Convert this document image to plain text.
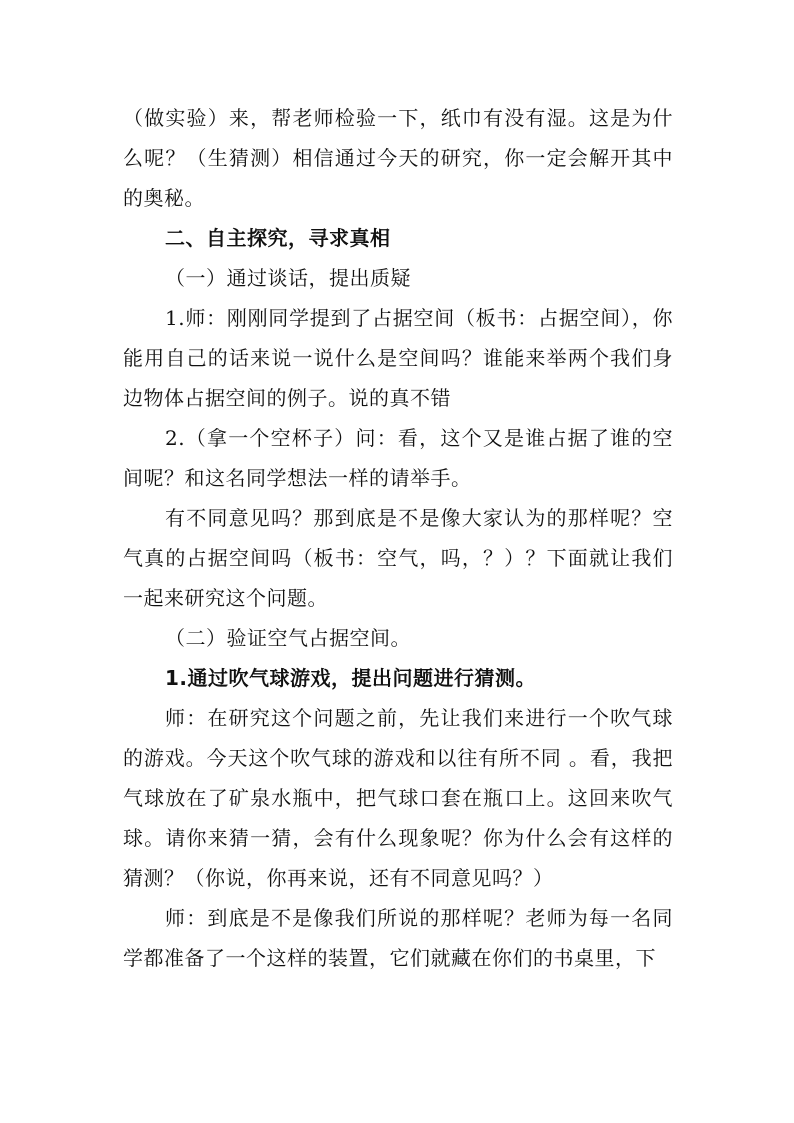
（做实验）来，帮老师检验一下，纸巾有没有湿。这是为什么呢？（生猜测）相信通过今天的研究，你一定会解开其中的奥秘。

二、自主探究，寻求真相

（一）通过谈话，提出质疑

1.师：刚刚同学提到了占据空间（板书：占据空间），你能用自己的话来说一说什么是空间吗？谁能来举两个我们身边物体占据空间的例子。说的真不错

2.（拿一个空杯子）问：看，这个又是谁占据了谁的空间呢？和这名同学想法一样的请举手。

有不同意见吗？那到底是不是像大家认为的那样呢？空气真的占据空间吗（板书：空气，吗，？）？下面就让我们一起来研究这个问题。

（二）验证空气占据空间。

1.通过吹气球游戏，提出问题进行猜测。

师：在研究这个问题之前，先让我们来进行一个吹气球的游戏。今天这个吹气球的游戏和以往有所不同 。看，我把气球放在了矿泉水瓶中，把气球口套在瓶口上。这回来吹气球。请你来猜一猜，会有什么现象呢？你为什么会有这样的猜测？（你说，你再来说，还有不同意见吗？）

师：到底是不是像我们所说的那样呢？老师为每一名同学都准备了一个这样的装置，它们就藏在你们的书桌里，下
